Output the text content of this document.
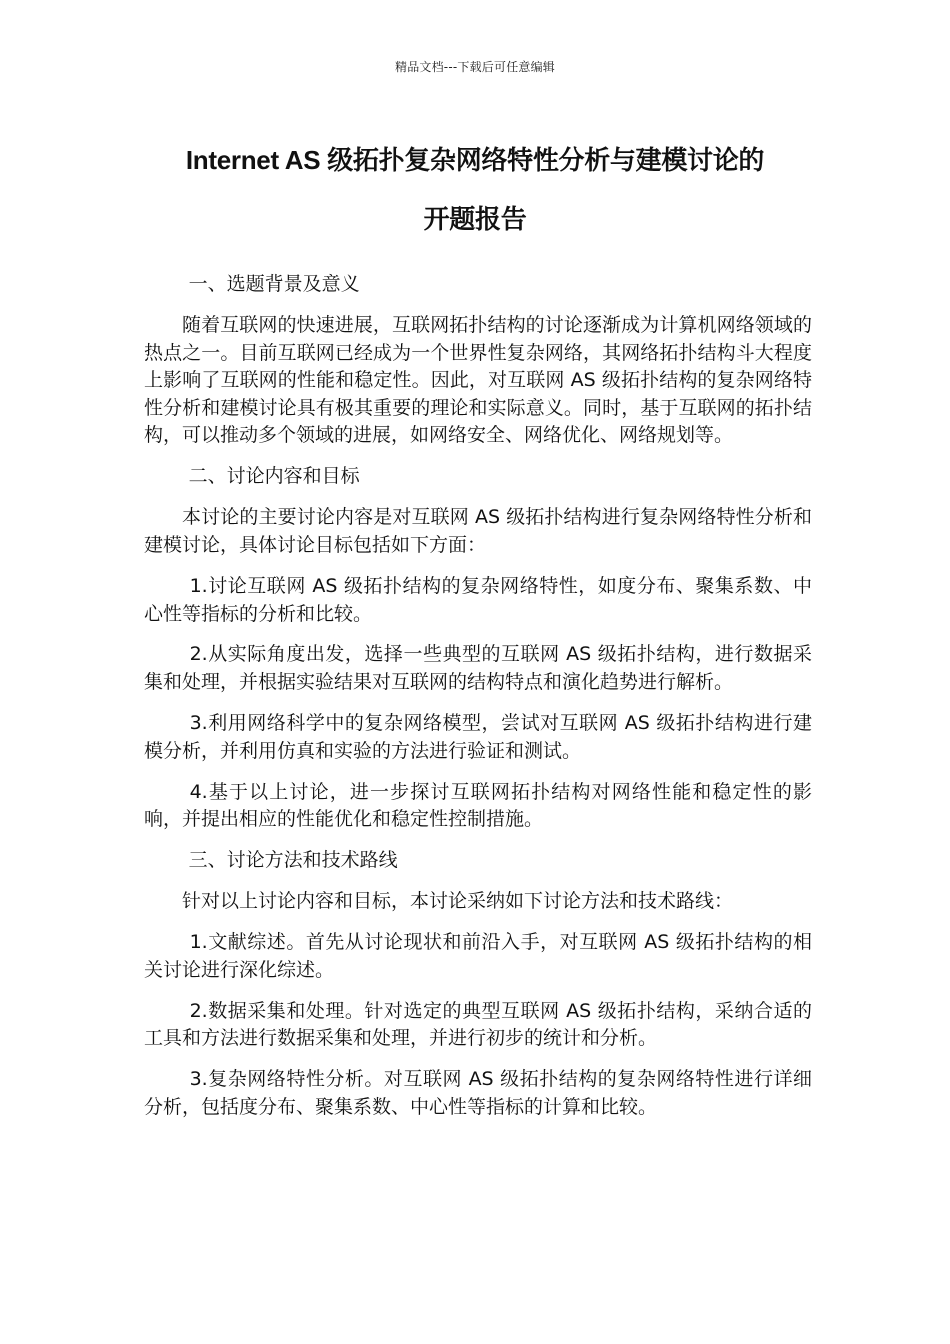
精品文档---下载后可任意编辑
Internet AS 级拓扑复杂网络特性分析与建模讨论的
开题报告

一、选题背景及意义

随着互联网的快速进展，互联网拓扑结构的讨论逐渐成为计算机网络领域的热点之一。目前互联网已经成为一个世界性复杂网络，其网络拓扑结构斗大程度上影响了互联网的性能和稳定性。因此，对互联网 AS 级拓扑结构的复杂网络特性分析和建模讨论具有极其重要的理论和实际意义。同时，基于互联网的拓扑结构，可以推动多个领域的进展，如网络安全、网络优化、网络规划等。

二、讨论内容和目标

本讨论的主要讨论内容是对互联网 AS 级拓扑结构进行复杂网络特性分析和建模讨论，具体讨论目标包括如下方面：

1.讨论互联网 AS 级拓扑结构的复杂网络特性，如度分布、聚集系数、中心性等指标的分析和比较。

2.从实际角度出发，选择一些典型的互联网 AS 级拓扑结构，进行数据采集和处理，并根据实验结果对互联网的结构特点和演化趋势进行解析。

3.利用网络科学中的复杂网络模型，尝试对互联网 AS 级拓扑结构进行建模分析，并利用仿真和实验的方法进行验证和测试。

4.基于以上讨论，进一步探讨互联网拓扑结构对网络性能和稳定性的影响，并提出相应的性能优化和稳定性控制措施。

三、讨论方法和技术路线

针对以上讨论内容和目标，本讨论采纳如下讨论方法和技术路线：

1.文献综述。首先从讨论现状和前沿入手，对互联网 AS 级拓扑结构的相关讨论进行深化综述。

2.数据采集和处理。针对选定的典型互联网 AS 级拓扑结构，采纳合适的工具和方法进行数据采集和处理，并进行初步的统计和分析。

3.复杂网络特性分析。对互联网 AS 级拓扑结构的复杂网络特性进行详细分析，包括度分布、聚集系数、中心性等指标的计算和比较。
